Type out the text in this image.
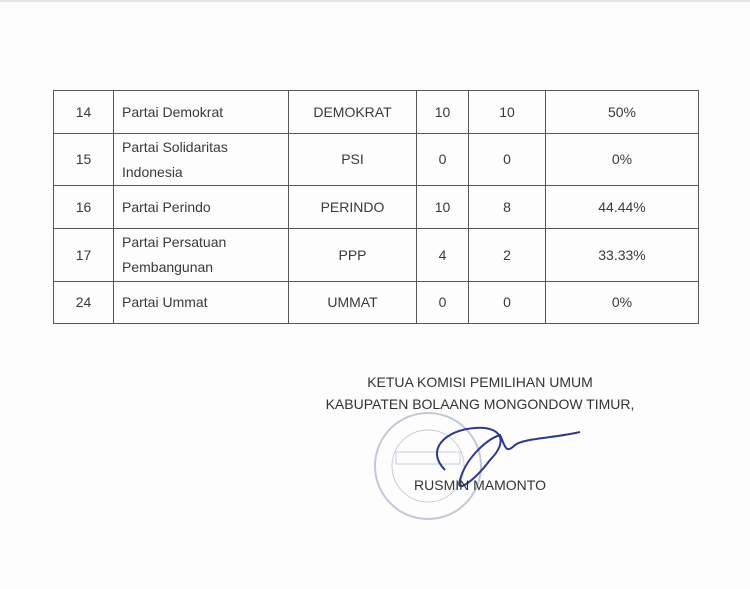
14	Partai Demokrat	DEMOKRAT	10	10	50%
15	Partai Solidaritas Indonesia	PSI	0	0	0%
16	Partai Perindo	PERINDO	10	8	44.44%
17	Partai Persatuan Pembangunan	PPP	4	2	33.33%
24	Partai Ummat	UMMAT	0	0	0%
KETUA KOMISI PEMILIHAN UMUM
KABUPATEN BOLAANG MONGONDOW TIMUR,
RUSMIN MAMONTO
